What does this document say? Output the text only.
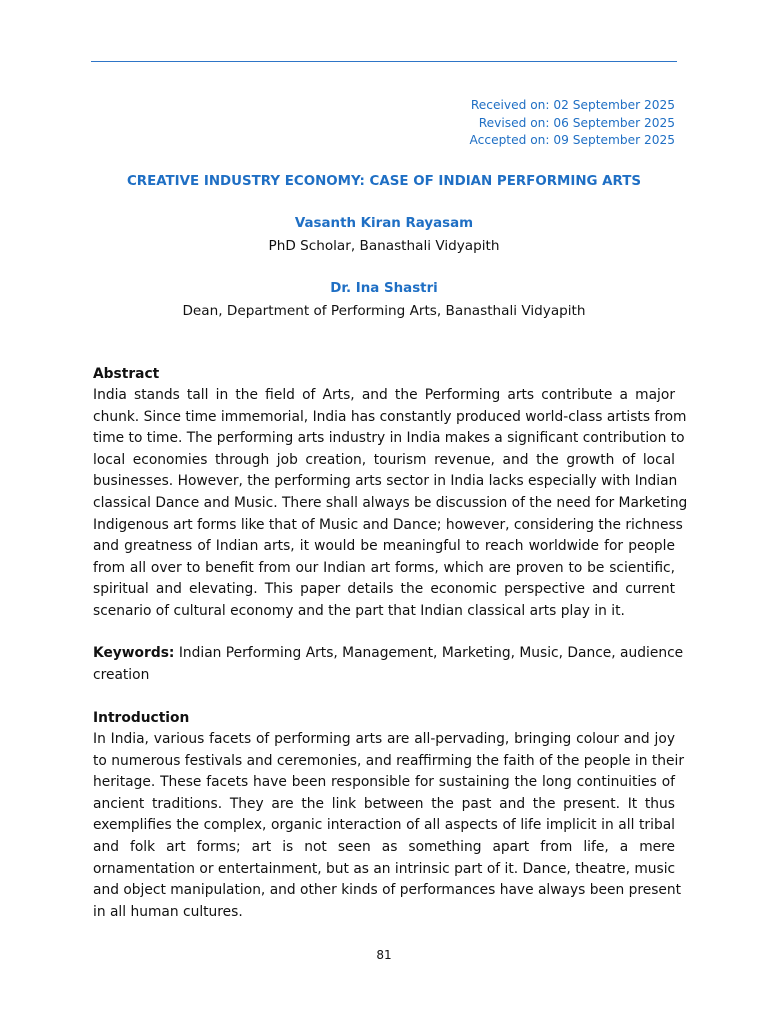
Received on: 02 September 2025
Revised on: 06 September 2025
Accepted on: 09 September 2025
CREATIVE INDUSTRY ECONOMY: CASE OF INDIAN PERFORMING ARTS
Vasanth Kiran Rayasam
PhD Scholar, Banasthali Vidyapith
Dr. Ina Shastri
Dean, Department of Performing Arts, Banasthali Vidyapith
Abstract
India stands tall in the field of Arts, and the Performing arts contribute a major
chunk. Since time immemorial, India has constantly produced world-class artists from
time to time. The performing arts industry in India makes a significant contribution to
local economies through job creation, tourism revenue, and the growth of local
businesses. However, the performing arts sector in India lacks especially with Indian
classical Dance and Music. There shall always be discussion of the need for Marketing
Indigenous art forms like that of Music and Dance; however, considering the richness
and greatness of Indian arts, it would be meaningful to reach worldwide for people
from all over to benefit from our Indian art forms, which are proven to be scientific,
spiritual and elevating. This paper details the economic perspective and current
scenario of cultural economy and the part that Indian classical arts play in it.
Keywords: Indian Performing Arts, Management, Marketing, Music, Dance, audience
creation
Introduction
In India, various facets of performing arts are all-pervading, bringing colour and joy
to numerous festivals and ceremonies, and reaffirming the faith of the people in their
heritage. These facets have been responsible for sustaining the long continuities of
ancient traditions. They are the link between the past and the present. It thus
exemplifies the complex, organic interaction of all aspects of life implicit in all tribal
and folk art forms; art is not seen as something apart from life, a mere
ornamentation or entertainment, but as an intrinsic part of it. Dance, theatre, music
and object manipulation, and other kinds of performances have always been present
in all human cultures.
81
